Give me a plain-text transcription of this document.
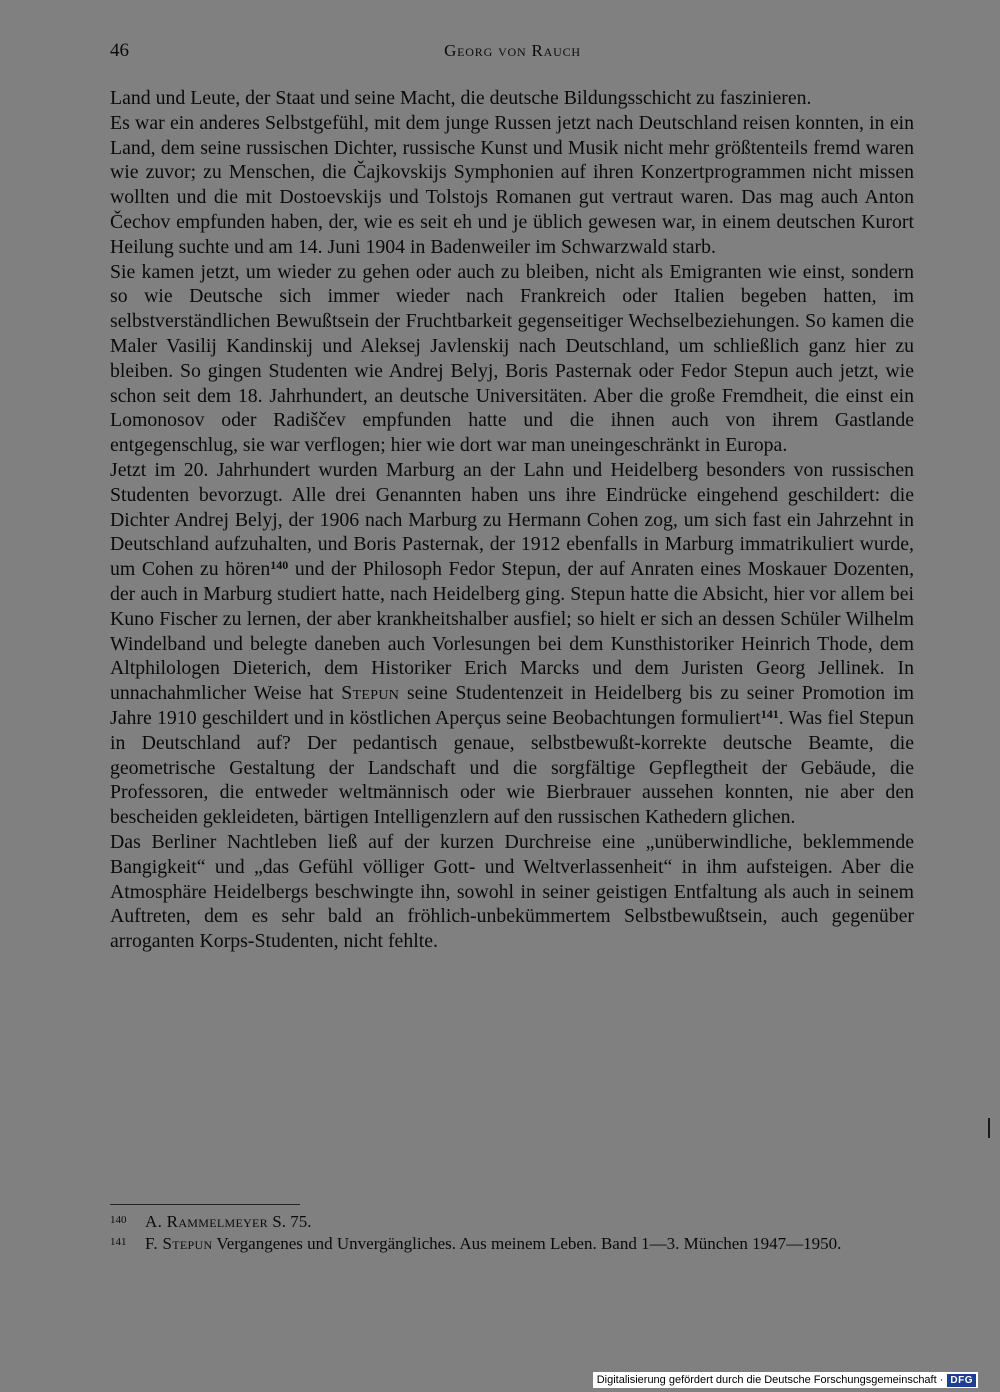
46	Georg von Rauch

Land und Leute, der Staat und seine Macht, die deutsche Bildungsschicht zu faszinieren.

Es war ein anderes Selbstgefühl, mit dem junge Russen jetzt nach Deutschland reisen konnten, in ein Land, dem seine russischen Dichter, russische Kunst und Musik nicht mehr größtenteils fremd waren wie zuvor; zu Menschen, die Čajkovskijs Symphonien auf ihren Konzertprogrammen nicht missen wollten und die mit Dostoevskijs und Tolstojs Romanen gut vertraut waren. Das mag auch Anton Čechov empfunden haben, der, wie es seit eh und je üblich gewesen war, in einem deutschen Kurort Heilung suchte und am 14. Juni 1904 in Badenweiler im Schwarzwald starb.

Sie kamen jetzt, um wieder zu gehen oder auch zu bleiben, nicht als Emigranten wie einst, sondern so wie Deutsche sich immer wieder nach Frankreich oder Italien begeben hatten, im selbstverständlichen Bewußtsein der Fruchtbarkeit gegenseitiger Wechselbeziehungen. So kamen die Maler Vasilij Kandinskij und Aleksej Javlenskij nach Deutschland, um schließlich ganz hier zu bleiben. So gingen Studenten wie Andrej Belyj, Boris Pasternak oder Fedor Stepun auch jetzt, wie schon seit dem 18. Jahrhundert, an deutsche Universitäten. Aber die große Fremdheit, die einst ein Lomonosov oder Radiščev empfunden hatte und die ihnen auch von ihrem Gastlande entgegenschlug, sie war verflogen; hier wie dort war man uneingeschränkt in Europa.

Jetzt im 20. Jahrhundert wurden Marburg an der Lahn und Heidelberg besonders von russischen Studenten bevorzugt. Alle drei Genannten haben uns ihre Eindrücke eingehend geschildert: die Dichter Andrej Belyj, der 1906 nach Marburg zu Hermann Cohen zog, um sich fast ein Jahrzehnt in Deutschland aufzuhalten, und Boris Pasternak, der 1912 ebenfalls in Marburg immatrikuliert wurde, um Cohen zu hören$^{140}$ und der Philosoph Fedor Stepun, der auf Anraten eines Moskauer Dozenten, der auch in Marburg studiert hatte, nach Heidelberg ging. Stepun hatte die Absicht, hier vor allem bei Kuno Fischer zu lernen, der aber krankheitshalber ausfiel; so hielt er sich an dessen Schüler Wilhelm Windelband und belegte daneben auch Vorlesungen bei dem Kunsthistoriker Heinrich Thode, dem Altphilologen Dieterich, dem Historiker Erich Marcks und dem Juristen Georg Jellinek. In unnachahmlicher Weise hat Stepun seine Studentenzeit in Heidelberg bis zu seiner Promotion im Jahre 1910 geschildert und in köstlichen Aperçus seine Beobachtungen formuliert$^{141}$. Was fiel Stepun in Deutschland auf? Der pedantisch genaue, selbstbewußt-korrekte deutsche Beamte, die geometrische Gestaltung der Landschaft und die sorgfältige Gepflegtheit der Gebäude, die Professoren, die entweder weltmännisch oder wie Bierbrauer aussehen konnten, nie aber den bescheiden gekleideten, bärtigen Intelligenzlern auf den russischen Kathedern glichen.

Das Berliner Nachtleben ließ auf der kurzen Durchreise eine „unüberwindliche, beklemmende Bangigkeit“ und „das Gefühl völliger Gott- und Weltverlassenheit“ in ihm aufsteigen. Aber die Atmosphäre Heidelbergs beschwingte ihn, sowohl in seiner geistigen Entfaltung als auch in seinem Auftreten, dem es sehr bald an fröhlich-unbekümmertem Selbstbewußtsein, auch gegenüber arroganten Korps-Studenten, nicht fehlte.

140 A. Rammelmeyer S. 75.

141 F. Stepun Vergangenes und Unvergängliches. Aus meinem Leben. Band 1—3. München 1947—1950.

Digitalisierung gefördert durch die Deutsche Forschungsgemeinschaft · DFG
